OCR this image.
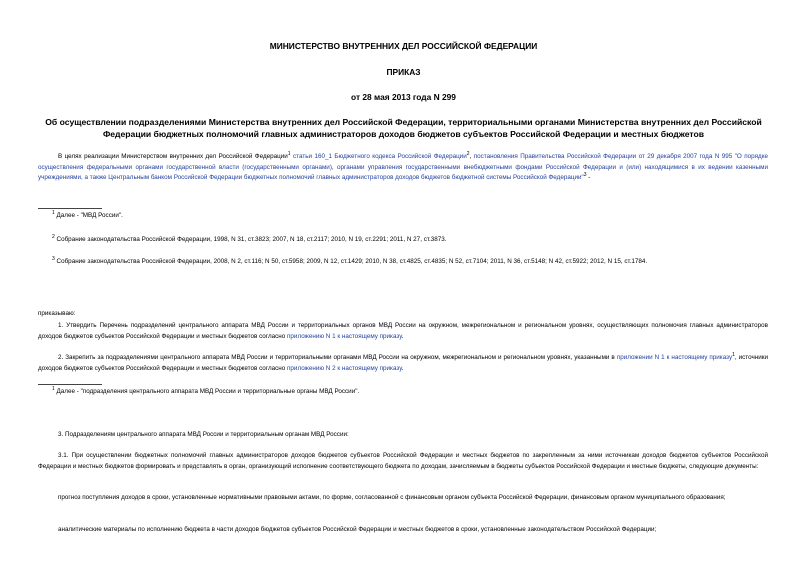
МИНИСТЕРСТВО ВНУТРЕННИХ ДЕЛ РОССИЙСКОЙ ФЕДЕРАЦИИ
ПРИКАЗ
от 28 мая 2013 года N 299
Об осуществлении подразделениями Министерства внутренних дел Российской Федерации, территориальными органами Министерства внутренних дел Российской Федерации бюджетных полномочий главных администраторов доходов бюджетов субъектов Российской Федерации и местных бюджетов
В целях реализации Министерством внутренних дел Российской Федерации$^1$ статьи 160_1 Бюджетного кодекса Российской Федерации$^2$, постановления Правительства Российской Федерации от 29 декабря 2007 года N 995 "О порядке осуществления федеральными органами государственной власти (государственными органами), органами управления государственными внебюджетными фондами Российской Федерации и (или) находящимися в их ведении казенными учреждениями, а также Центральным банком Российской Федерации бюджетных полномочий главных администраторов доходов бюджетов бюджетной системы Российской Федерации"$^3$ -
$^1$ Далее - "МВД России".
$^2$ Собрание законодательства Российской Федерации, 1998, N 31, ст.3823; 2007, N 18, ст.2117; 2010, N 19, ст.2291; 2011, N 27, ст.3873.
$^3$ Собрание законодательства Российской Федерации, 2008, N 2, ст.116; N 50, ст.5958; 2009, N 12, ст.1429; 2010, N 38, ст.4825, ст.4835; N 52, ст.7104; 2011, N 36, ст.5148; N 42, ст.5922; 2012, N 15, ст.1784.
приказываю:
1. Утвердить Перечень подразделений центрального аппарата МВД России и территориальных органов МВД России на окружном, межрегиональном и региональном уровнях, осуществляющих полномочия главных администраторов доходов бюджетов субъектов Российской Федерации и местных бюджетов согласно приложению N 1 к настоящему приказу.
2. Закрепить за подразделениями центрального аппарата МВД России и территориальными органами МВД России на окружном, межрегиональном и региональном уровнях, указанными в приложении N 1 к настоящему приказу$^1$, источники доходов бюджетов субъектов Российской Федерации и местных бюджетов согласно приложению N 2 к настоящему приказу.
$^1$ Далее - "подразделения центрального аппарата МВД России и территориальные органы МВД России".
3. Подразделениям центрального аппарата МВД России и территориальным органам МВД России:
3.1. При осуществлении бюджетных полномочий главных администраторов доходов бюджетов субъектов Российской Федерации и местных бюджетов по закрепленным за ними источникам доходов бюджетов субъектов Российской Федерации и местных бюджетов формировать и представлять в орган, организующий исполнение соответствующего бюджета по доходам, зачисляемым в бюджеты субъектов Российской Федерации и местные бюджеты, следующие документы:
прогноз поступления доходов в сроки, установленные нормативными правовыми актами, по форме, согласованной с финансовым органом субъекта Российской Федерации, финансовым органом муниципального образования;
аналитические материалы по исполнению бюджета в части доходов бюджетов субъектов Российской Федерации и местных бюджетов в сроки, установленные законодательством Российской Федерации;
